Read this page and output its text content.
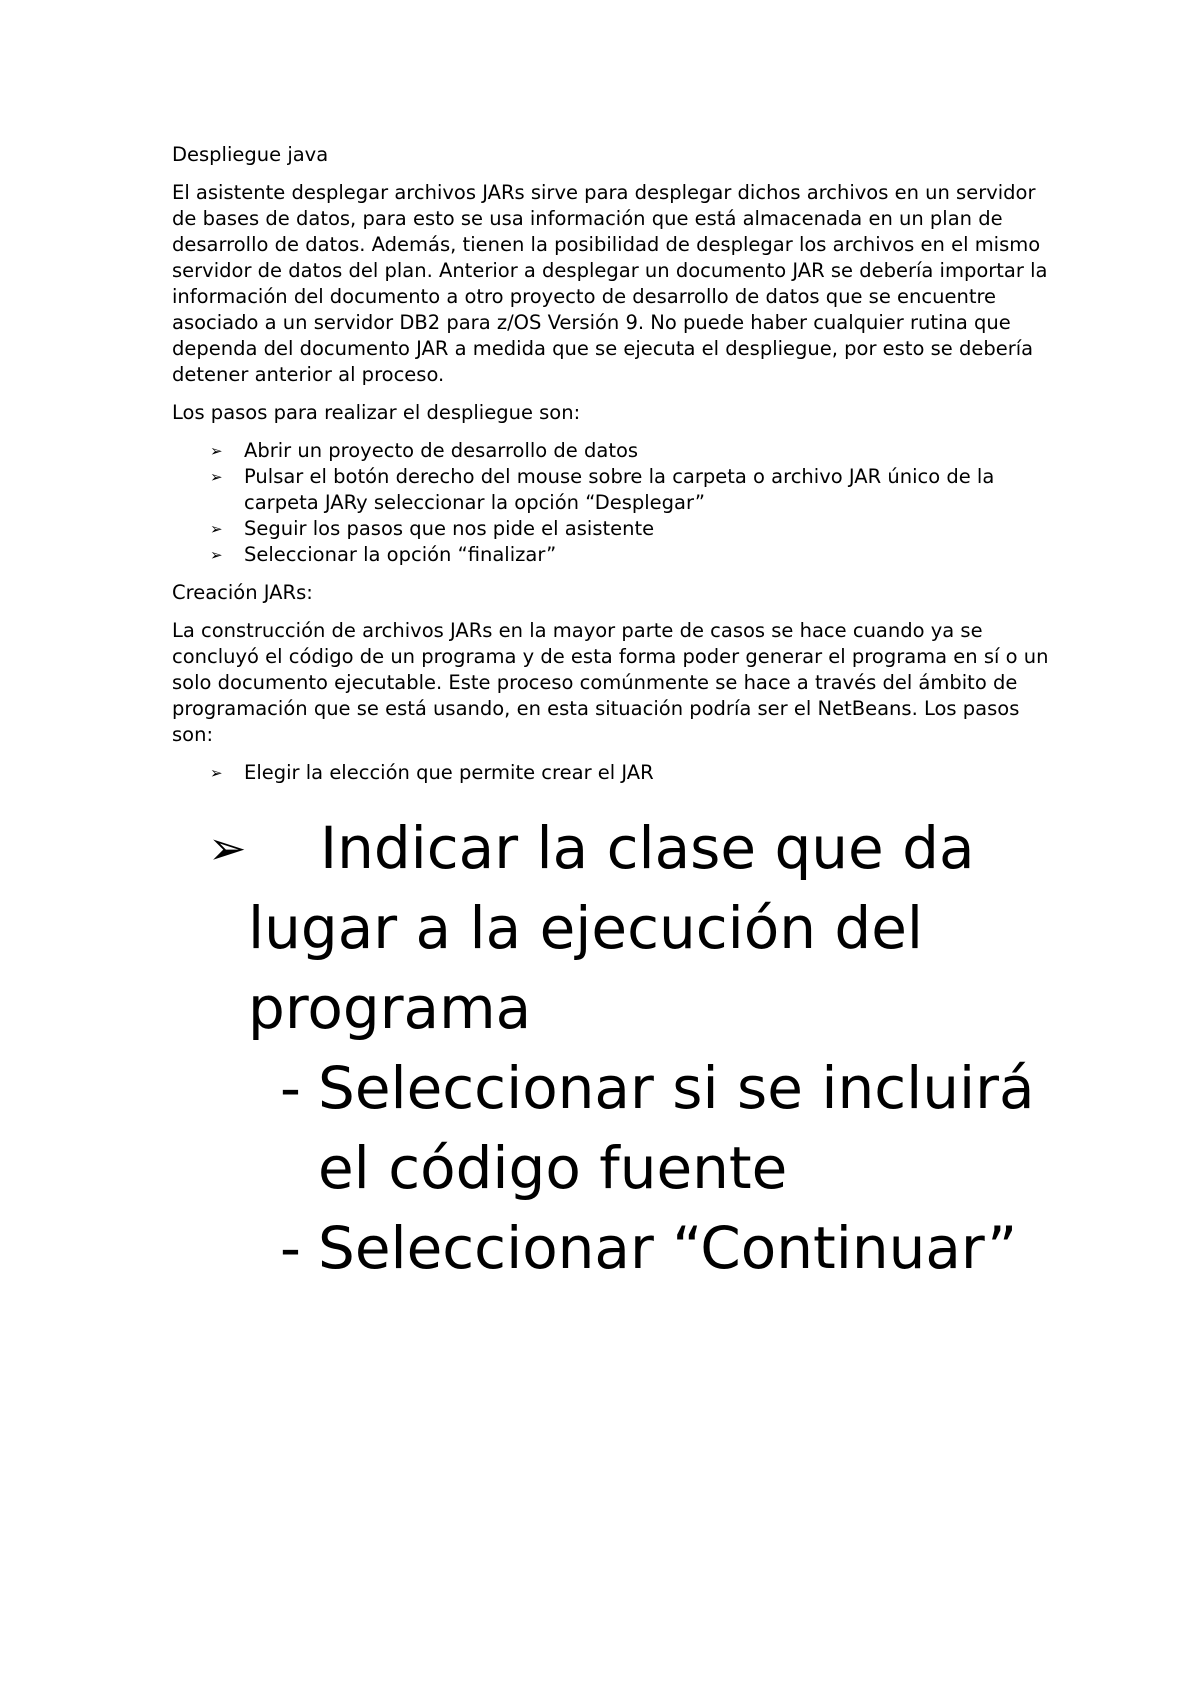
Despliegue java

El asistente desplegar archivos JARs sirve para desplegar dichos archivos en un servidor de bases de datos, para esto se usa información que está almacenada en un plan de desarrollo de datos. Además, tienen la posibilidad de desplegar los archivos en el mismo servidor de datos del plan. Anterior a desplegar un documento JAR se debería importar la información del documento a otro proyecto de desarrollo de datos que se encuentre asociado a un servidor DB2 para z/OS Versión 9. No puede haber cualquier rutina que dependa del documento JAR a medida que se ejecuta el despliegue, por esto se debería detener anterior al proceso.

Los pasos para realizar el despliegue son:

➢ Abrir un proyecto de desarrollo de datos
➢ Pulsar el botón derecho del mouse sobre la carpeta o archivo JAR único de la carpeta JARy seleccionar la opción “Desplegar”
➢ Seguir los pasos que nos pide el asistente
➢ Seleccionar la opción “finalizar”

Creación JARs:

La construcción de archivos JARs en la mayor parte de casos se hace cuando ya se concluyó el código de un programa y de esta forma poder generar el programa en sí o un solo documento ejecutable. Este proceso comúnmente se hace a través del ámbito de programación que se está usando, en esta situación podría ser el NetBeans. Los pasos son:

➢ Elegir la elección que permite crear el JAR
➢	Indicar la clase que da lugar a la ejecución del programa
- Seleccionar si se incluirá el código fuente
- Seleccionar “Continuar”
